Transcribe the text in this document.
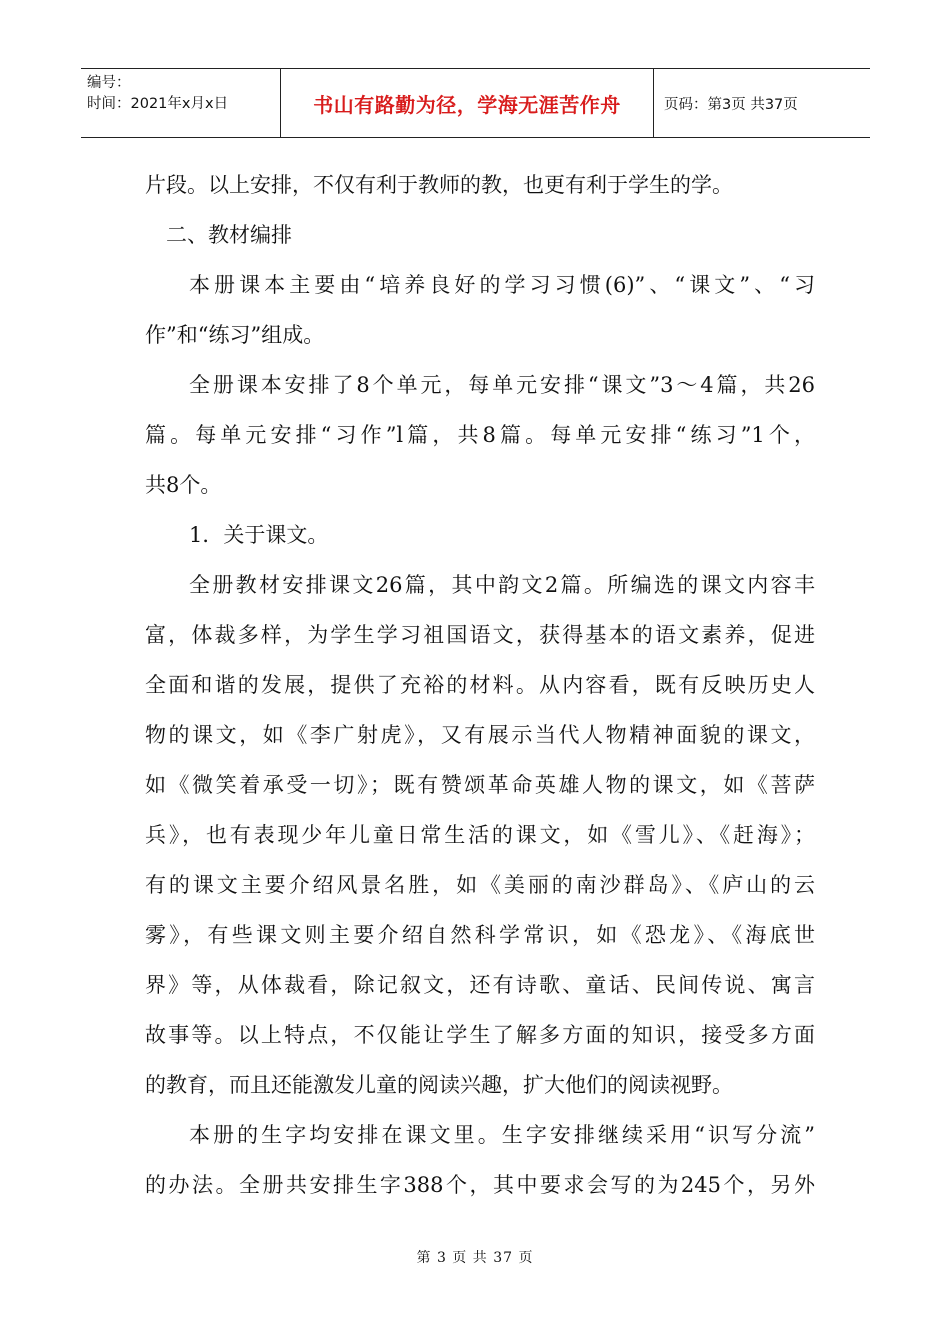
编号：
时间：2021年x月x日	书山有路勤为径，学海无涯苦作舟	页码：第3页 共37页
片段。以上安排，不仅有利于教师的教，也更有利于学生的学。
二、教材编排
本册课本主要由“培养良好的学习习惯(6)”、“课文”、“习
作”和“练习”组成。
全册课本安排了8个单元，每单元安排“课文”3～4篇，共26
篇。每单元安排“习作”l篇，共8篇。每单元安排“练习”1个，
共8个。
1．关于课文。
全册教材安排课文26篇，其中韵文2篇。所编选的课文内容丰
富，体裁多样，为学生学习祖国语文，获得基本的语文素养，促进
全面和谐的发展，提供了充裕的材料。从内容看，既有反映历史人
物的课文，如《李广射虎》，又有展示当代人物精神面貌的课文，
如《微笑着承受一切》；既有赞颂革命英雄人物的课文，如《菩萨
兵》，也有表现少年儿童日常生活的课文，如《雪儿》、《赶海》；
有的课文主要介绍风景名胜，如《美丽的南沙群岛》、《庐山的云
雾》，有些课文则主要介绍自然科学常识，如《恐龙》、《海底世
界》等，从体裁看，除记叙文，还有诗歌、童话、民间传说、寓言
故事等。以上特点，不仅能让学生了解多方面的知识，接受多方面
的教育，而且还能激发儿童的阅读兴趣，扩大他们的阅读视野。
本册的生字均安排在课文里。生字安排继续采用“识写分流”
的办法。全册共安排生字388个，其中要求会写的为245个，另外
第 3 页 共 37 页
